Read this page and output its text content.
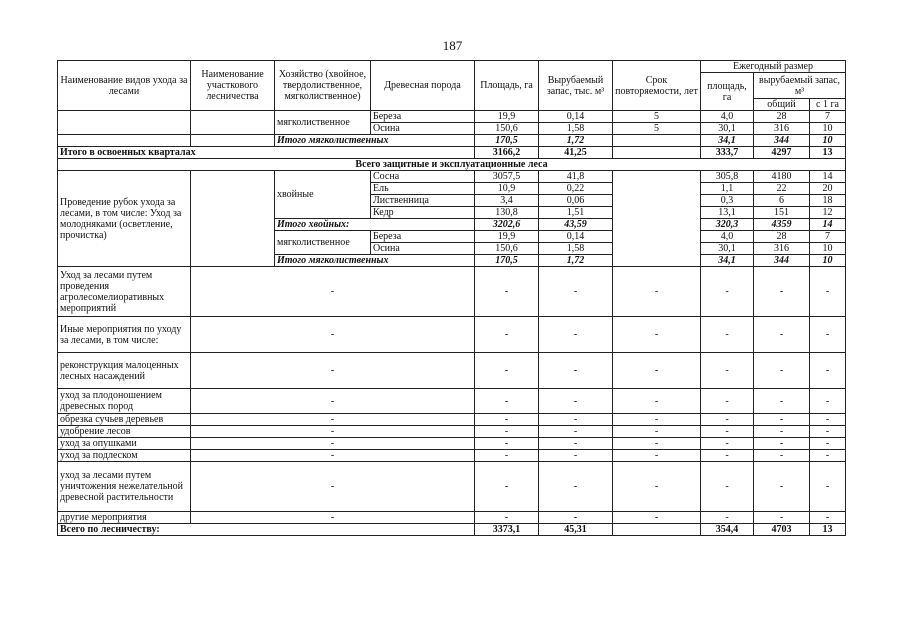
187
Наименование видов ухода за лесами	Наименование участкового лесничества	Хозяйство (хвойное, твердолиственное, мягколиственное)	Древесная порода	Площадь, га	Вырубаемый запас, тыс. м³	Срок повторяемости, лет	Ежегодный размер		
							площадь, га	вырубаемый запас, м³	
								общий	с 1 га
		мягколиственное	Береза	19,9	0,14	5	4,0	28	7
			Осина	150,6	1,58	5	30,1	316	10
		Итого мягколиственных		170,5	1,72		34,1	344	10
Итого в освоенных кварталах				3166,2	41,25		333,7	4297	13
Всего защитные и эксплуатационные леса									
Проведение рубок ухода за лесами, в том числе: Уход за молодняками (осветление, прочистка)		хвойные	Сосна	3057,5	41,8		305,8	4180	14
			Ель	10,9	0,22		1,1	22	20
			Лиственница	3,4	0,06		0,3	6	18
			Кедр	130,8	1,51		13,1	151	12
		Итого хвойных:		3202,6	43,59		320,3	4359	14
		мягколиственное	Береза	19,9	0,14		4,0	28	7
			Осина	150,6	1,58		30,1	316	10
		Итого мягколиственных		170,5	1,72		34,1	344	10
Уход за лесами путем проведения агролесомелиоративных мероприятий	-			-	-	-	-	-	-
Иные мероприятия по уходу за лесами, в том числе:	-			-	-	-	-	-	-
реконструкция малоценных лесных насаждений	-			-	-	-	-	-	-
уход за плодоношением древесных пород	-			-	-	-	-	-	-
обрезка сучьев деревьев	-			-	-	-	-	-	-
удобрение лесов	-			-	-	-	-	-	-
уход за опушками	-			-	-	-	-	-	-
уход за подлеском	-			-	-	-	-	-	-
уход за лесами путем уничтожения нежелательной древесной растительности	-			-	-	-	-	-	-
другие мероприятия	-			-	-	-	-	-	-
Всего по лесничеству:				3373,1	45,31		354,4	4703	13
